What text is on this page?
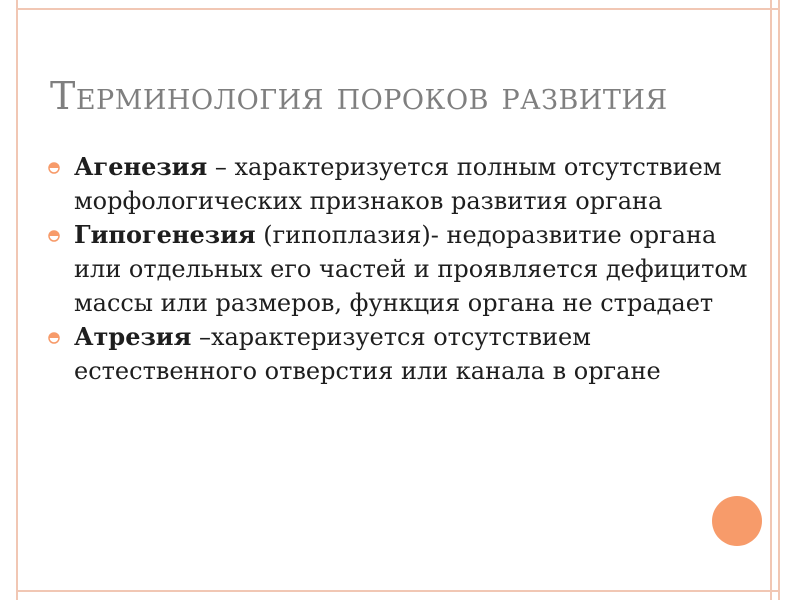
Терминология пороков развития
Агенезия – характеризуется полным отсутствием морфологических признаков развития органа
Гипогенезия (гипоплазия)- недоразвитие органа или отдельных его частей и проявляется дефицитом массы или размеров, функция органа не страдает
Атрезия –характеризуется отсутствием естественного отверстия или канала в органе
